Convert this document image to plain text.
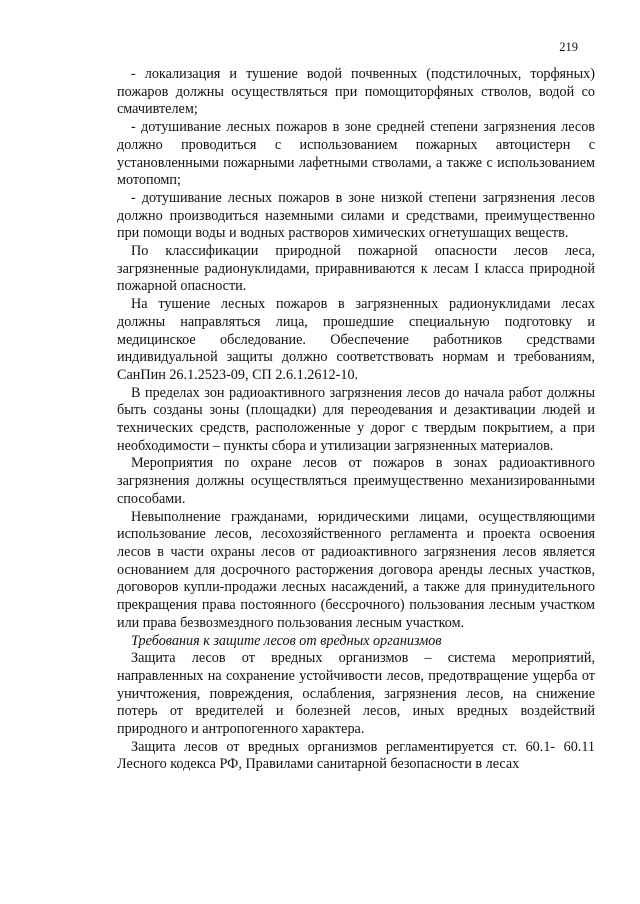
219

- локализация и тушение водой почвенных (подстилочных, торфяных) пожаров должны осуществляться при помощиторфяных стволов, водой со смачивтелем;

- дотушивание лесных пожаров в зоне средней степени загрязнения лесов должно проводиться с использованием пожарных автоцистерн с установленными пожарными лафетными стволами, а также с использованием мотопомп;

- дотушивание лесных пожаров в зоне низкой степени загрязнения лесов должно производиться наземными силами и средствами, преимущественно при помощи воды и водных растворов химических огнетушащих веществ.

По классификации природной пожарной опасности лесов леса, загрязненные радионуклидами, приравниваются к лесам I класса природной пожарной опасности.

На тушение лесных пожаров в загрязненных радионуклидами лесах должны направляться лица, прошедшие специальную подготовку и медицинское обследование. Обеспечение работников средствами индивидуальной защиты должно соответствовать нормам и требованиям, СанПин 26.1.2523-09, СП 2.6.1.2612-10.

В пределах зон радиоактивного загрязнения лесов до начала работ должны быть созданы зоны (площадки) для переодевания и дезактивации людей и технических средств, расположенные у дорог с твердым покрытием, а при необходимости – пункты сбора и утилизации загрязненных материалов.

Мероприятия по охране лесов от пожаров в зонах радиоактивного загрязнения должны осуществляться преимущественно механизированными способами.

Невыполнение гражданами, юридическими лицами, осуществляющими использование лесов, лесохозяйственного регламента и проекта освоения лесов в части охраны лесов от радиоактивного загрязнения лесов является основанием для досрочного расторжения договора аренды лесных участков, договоров купли-продажи лесных насаждений, а также для принудительного прекращения права постоянного (бессрочного) пользования лесным участком или права безвозмездного пользования лесным участком.

Требования к защите лесов от вредных организмов

Защита лесов от вредных организмов – система мероприятий, направленных на сохранение устойчивости лесов, предотвращение ущерба от уничтожения, повреждения, ослабления, загрязнения лесов, на снижение потерь от вредителей и болезней лесов, иных вредных воздействий природного и антропогенного характера.

Защита лесов от вредных организмов регламентируется ст. 60.1- 60.11 Лесного кодекса РФ, Правилами санитарной безопасности в лесах
